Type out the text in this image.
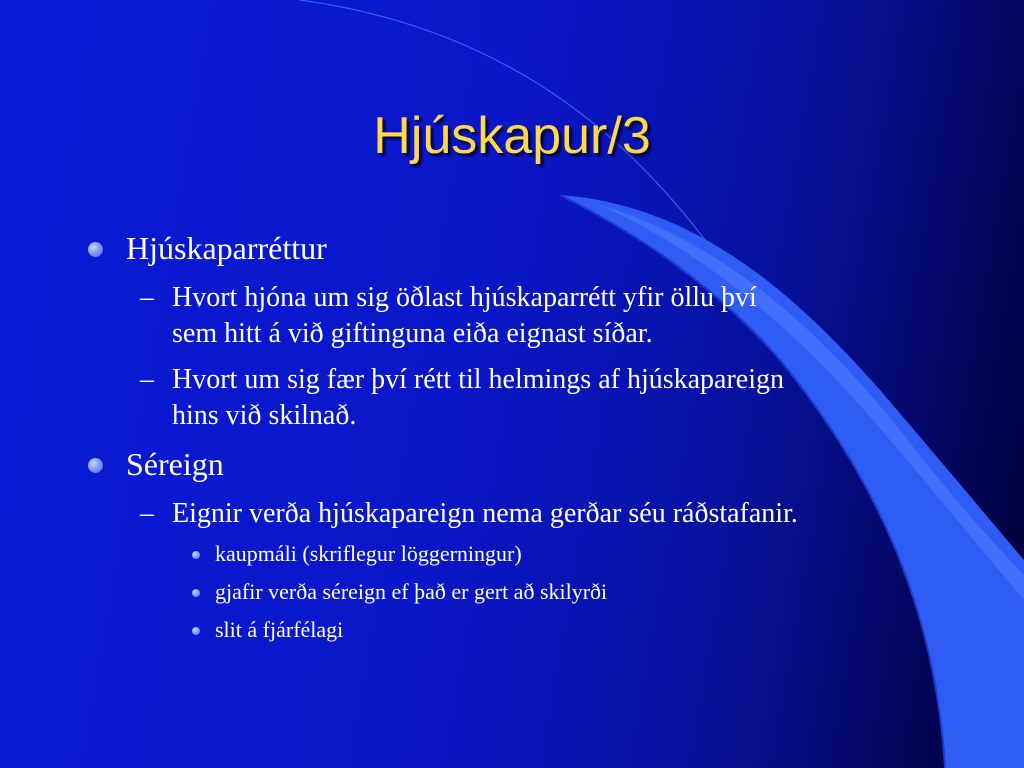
Hjúskapur/3
Hjúskaparréttur
– Hvort hjóna um sig öðlast hjúskaparrétt yfir öllu því
sem hitt á við giftinguna eiða eignast síðar.
– Hvort um sig fær því rétt til helmings af hjúskapareign
hins við skilnað.
Séreign
– Eignir verða hjúskapareign nema gerðar séu ráðstafanir.
kaupmáli (skriflegur löggerningur)
gjafir verða séreign ef það er gert að skilyrði
slit á fjárfélagi
